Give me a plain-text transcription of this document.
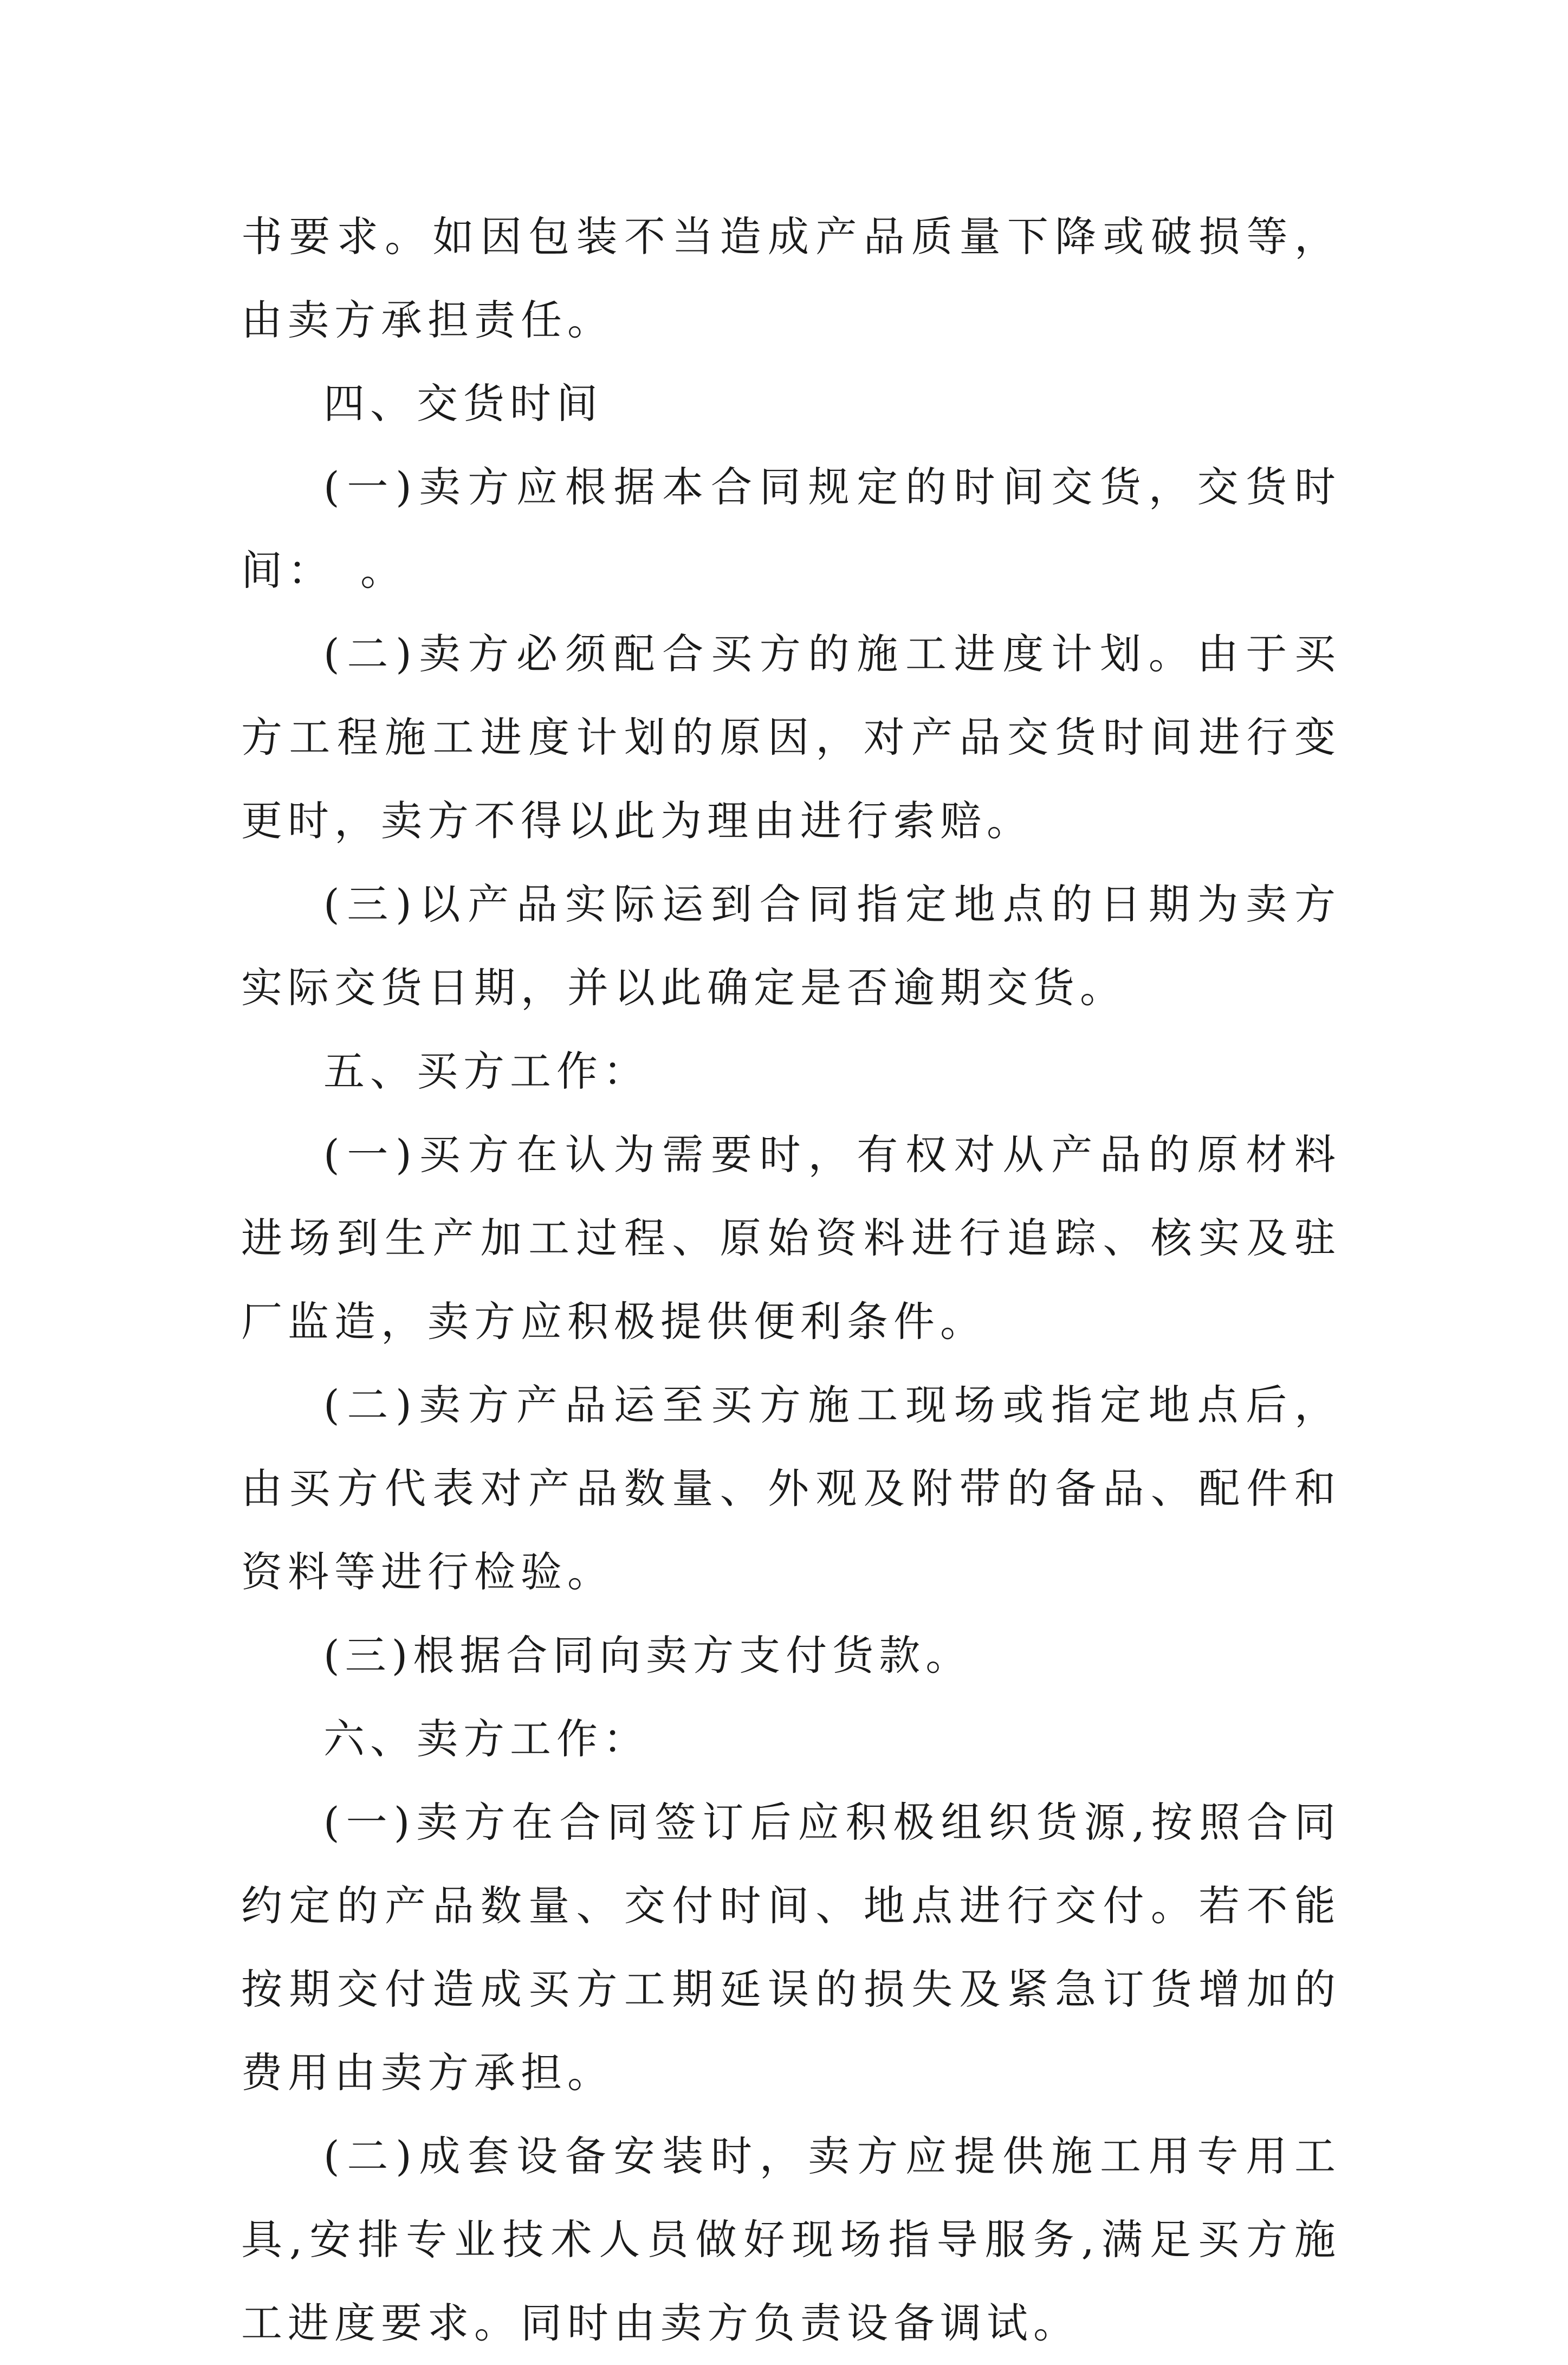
书要求。如因包装不当造成产品质量下降或破损等，由卖方承担责任。

四、交货时间

(一)卖方应根据本合同规定的时间交货，交货时间：　。

(二)卖方必须配合买方的施工进度计划。由于买方工程施工进度计划的原因，对产品交货时间进行变更时，卖方不得以此为理由进行索赔。

(三)以产品实际运到合同指定地点的日期为卖方实际交货日期，并以此确定是否逾期交货。

五、买方工作：

(一)买方在认为需要时，有权对从产品的原材料进场到生产加工过程、原始资料进行追踪、核实及驻厂监造，卖方应积极提供便利条件。

(二)卖方产品运至买方施工现场或指定地点后，由买方代表对产品数量、外观及附带的备品、配件和资料等进行检验。

(三)根据合同向卖方支付货款。

六、卖方工作：

(一)卖方在合同签订后应积极组织货源,按照合同约定的产品数量、交付时间、地点进行交付。若不能按期交付造成买方工期延误的损失及紧急订货增加的费用由卖方承担。

(二)成套设备安装时，卖方应提供施工用专用工具,安排专业技术人员做好现场指导服务,满足买方施工进度要求。同时由卖方负责设备调试。
